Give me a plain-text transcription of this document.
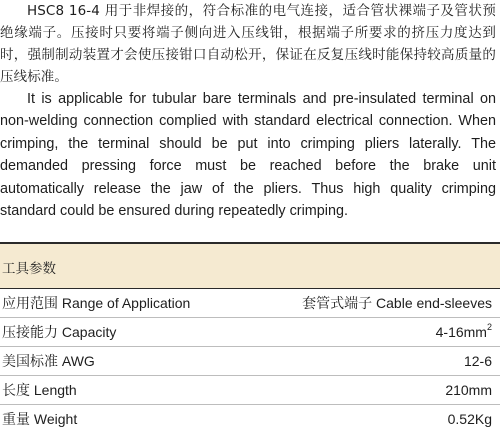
HSC8 16-4 用于非焊接的，符合标准的电气连接，适合管状裸端子及管状预绝缘端子。压接时只要将端子侧向进入压线钳，根据端子所要求的挤压力度达到时，强制制动装置才会使压接钳口自动松开，保证在反复压线时能保持较高质量的压线标准。
It is applicable for tubular bare terminals and pre-insulated terminal on non-welding connection complied with standard electrical connection. When crimping, the terminal should be put into crimping pliers laterally. The demanded pressing force must be reached before the brake unit automatically release the jaw of the pliers. Thus high quality crimping standard could be ensured during repeatedly crimping.
工具参数
应用范围 Range of Application	套管式端子 Cable end-sleeves
压接能力 Capacity	$4-16mm^2$
美国标准 AWG	12-6
长度 Length	210mm
重量 Weight	0.52Kg
